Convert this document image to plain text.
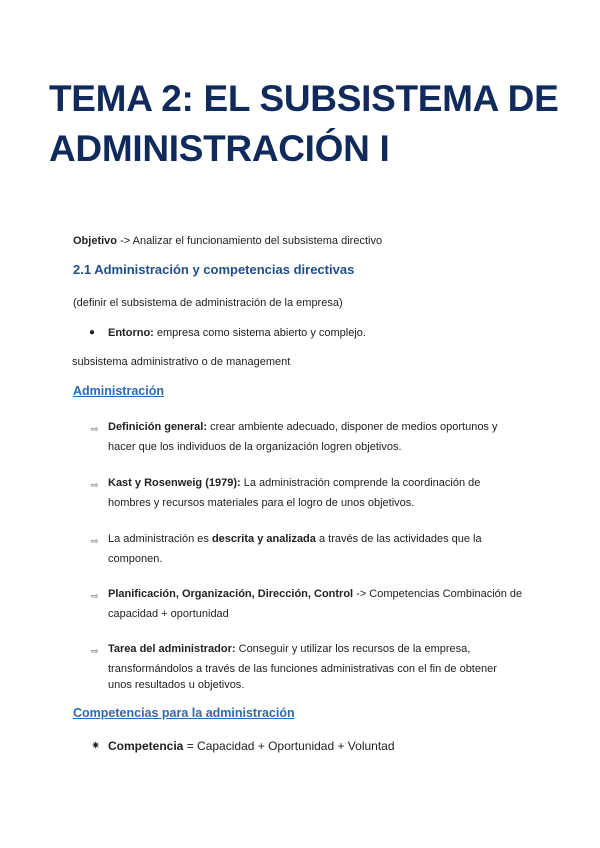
TEMA 2: EL SUBSISTEMA DE
ADMINISTRACIÓN I
Objetivo -> Analizar el funcionamiento del subsistema directivo
2.1 Administración y competencias directivas
(definir el subsistema de administración de la empresa)
● Entorno: empresa como sistema abierto y complejo.
subsistema administrativo o de management
Administración
⇨ Definición general: crear ambiente adecuado, disponer de medios oportunos y
hacer que los individuos de la organización logren objetivos.
⇨ Kast y Rosenweig (1979): La administración comprende la coordinación de
hombres y recursos materiales para el logro de unos objetivos.
⇨ La administración es descrita y analizada a través de las actividades que la
componen.
⇨ Planificación, Organización, Dirección, Control -> Competencias Combinación de
capacidad + oportunidad
⇨ Tarea del administrador: Conseguir y utilizar los recursos de la empresa,
transformándolos a través de las funciones administrativas con el fin de obtener
unos resultados u objetivos.
Competencias para la administración
✷ Competencia = Capacidad + Oportunidad + Voluntad
